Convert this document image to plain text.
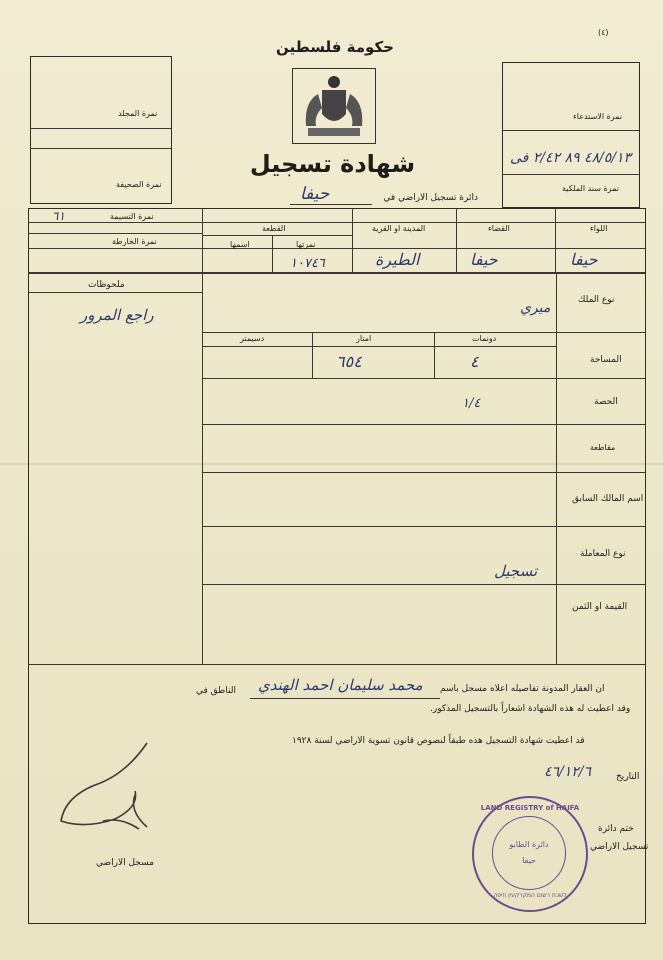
(٤)
حكومة فلسطين
شهادة تسجيل
دائرة تسجيل الاراضي في
حيفا
نمرة المجلد
نمرة الصحيفة
نمرة الاستدعاء
٤٨/٥/١٣ ٨٩ ٢/٤٢ فى
نمرة سند الملكية
اللواء
حيفا
القضاء
حيفا
المدينة او القرية
الطيرة
القطعة
نمرتها
اسمها
١٠٧٤٦
نمرة التسيمة
٦١
نمرة الخارطة
نوع الملك
ميري
دونمات
امتار
دسيمتر
المساحة
٤
٦٥٤
الحصة
١/٤
مقاطعة
اسم المالك السابق
نوع المعاملة
تسجيل
القيمة او الثمن
ملحوظات
راجع المرور
ان العقار المدونة تفاصيله اعلاه مسجل باسم
محمد سليمان احمد الهندي
الناطق في
وقد اعطيت له هذه الشهادة اشعاراً بالتسجيل المذكور.
قد اعطيت شهادة التسجيل هذه طبقاً لنصوص قانون تسوية الاراضي لسنة ١٩٢٨
التاريخ
٤٦/١٢/٦
ختم دائرة
تسجيل الاراضي
مسجل الاراضي
LAND REGISTRY of HAIFA
دائرة الطابو
حيفا
לשכת רשום המקרקעין חיפה
